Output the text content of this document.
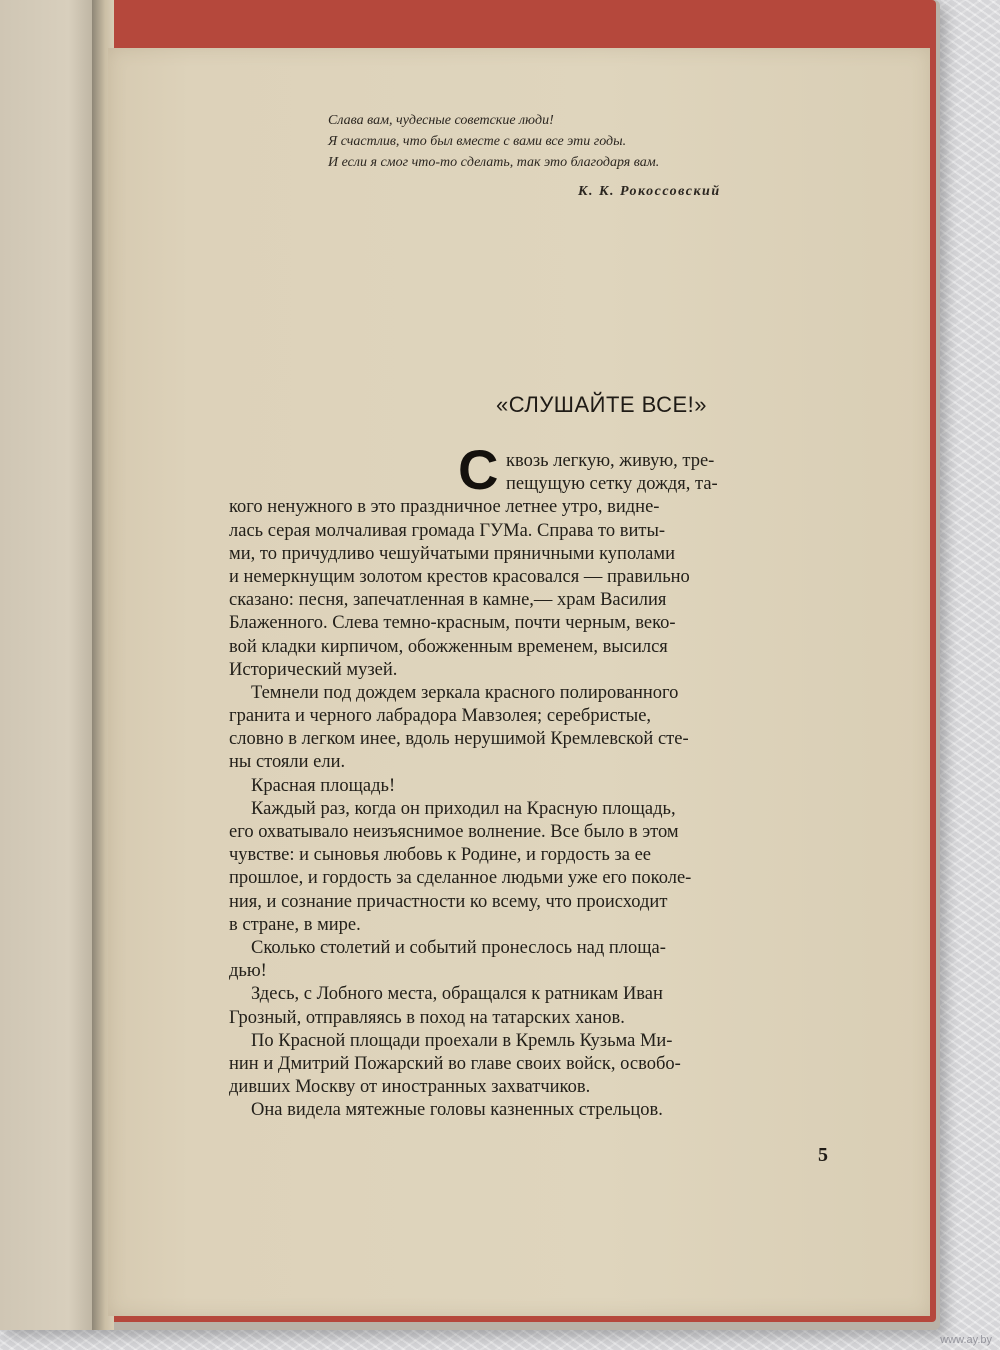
Слава вам, чудесные советские люди!
Я счастлив, что был вместе с вами все эти годы.
И если я смог что-то сделать, так это благодаря вам.
К. К. Рокоссовский
«СЛУШАЙТЕ ВСЕ!»
С квозь легкую, живую, тре-
пещущую сетку дождя, та-
кого ненужного в это праздничное летнее утро, видне-
лась серая молчаливая громада ГУМа. Справа то виты-
ми, то причудливо чешуйчатыми пряничными куполами
и немеркнущим золотом крестов красовался — правильно
сказано: песня, запечатленная в камне,— храм Василия
Блаженного. Слева темно-красным, почти черным, веко-
вой кладки кирпичом, обожженным временем, высился
Исторический музей.
Темнели под дождем зеркала красного полированного
гранита и черного лабрадора Мавзолея; серебристые,
словно в легком инее, вдоль нерушимой Кремлевской сте-
ны стояли ели.
Красная площадь!
Каждый раз, когда он приходил на Красную площадь,
его охватывало неизъяснимое волнение. Все было в этом
чувстве: и сыновья любовь к Родине, и гордость за ее
прошлое, и гордость за сделанное людьми уже его поколе-
ния, и сознание причастности ко всему, что происходит
в стране, в мире.
Сколько столетий и событий пронеслось над площа-
дью!
Здесь, с Лобного места, обращался к ратникам Иван
Грозный, отправляясь в поход на татарских ханов.
По Красной площади проехали в Кремль Кузьма Ми-
нин и Дмитрий Пожарский во главе своих войск, освобо-
дивших Москву от иностранных захватчиков.
Она видела мятежные головы казненных стрельцов.
5
www.ay.by
